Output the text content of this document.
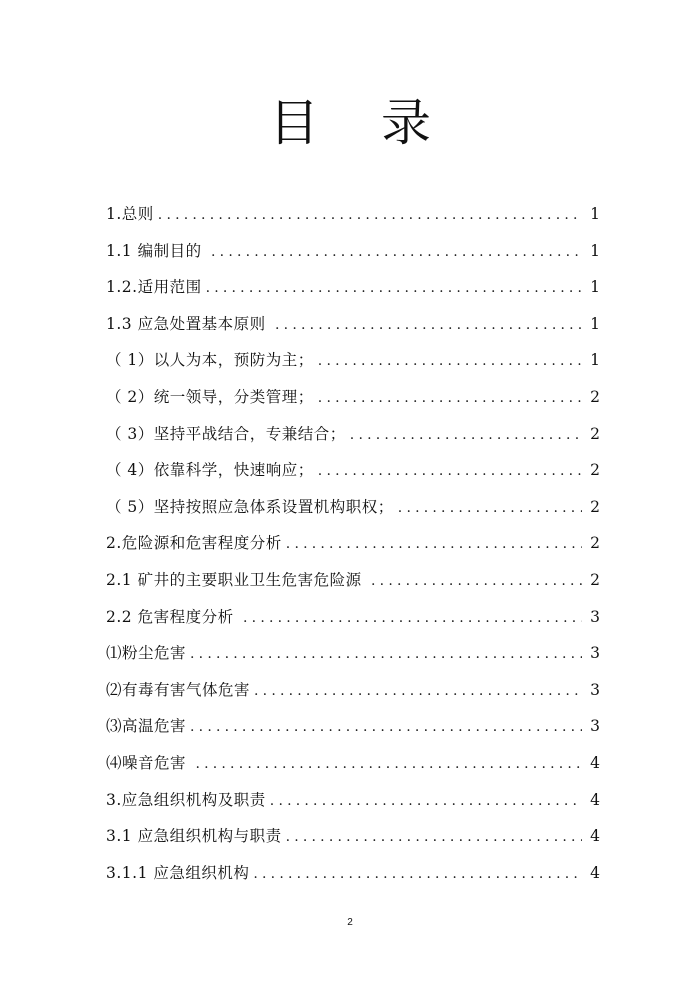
目录
1.总则 .....	1
1.1 编制目的 .....	1
1.2.适用范围 .....	1
1.3 应急处置基本原则 .....	1
（ 1）以人为本，预防为主； .....	1
（ 2）统一领导，分类管理； .....	2
（ 3）坚持平战结合，专兼结合； .....	2
（ 4）依靠科学，快速响应； .....	2
（ 5）坚持按照应急体系设置机构职权； .....	2
2.危险源和危害程度分析 .....	2
2.1 矿井的主要职业卫生危害危险源 .....	2
2.2 危害程度分析 .....	3
⑴粉尘危害 .....	3
⑵有毒有害气体危害 .....	3
⑶高温危害 .....	3
⑷噪音危害 .....	4
3.应急组织机构及职责 .....	4
3.1 应急组织机构与职责 .....	4
3.1.1 应急组织机构 .....	4
2
